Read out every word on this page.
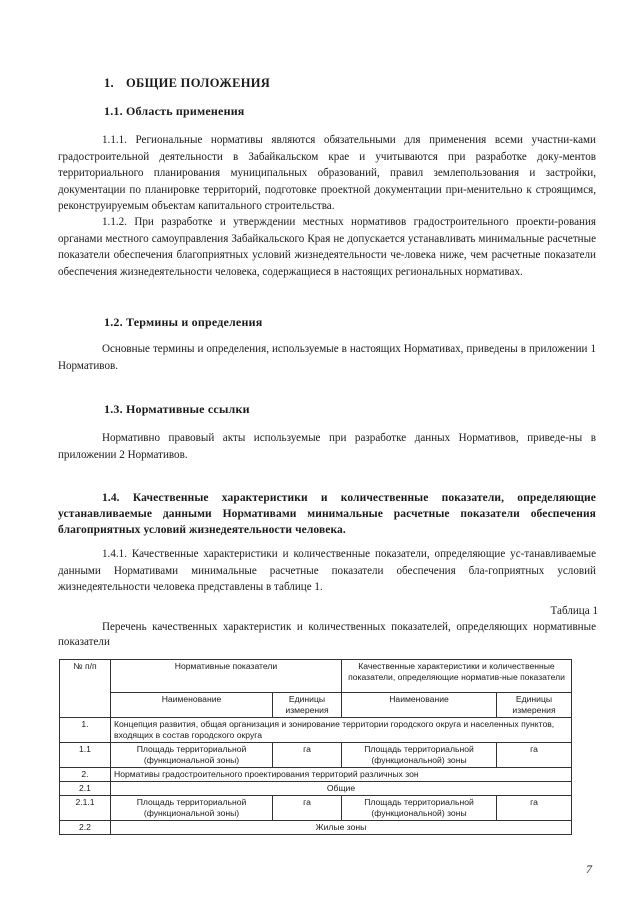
1. ОБЩИЕ ПОЛОЖЕНИЯ
1.1. Область применения
1.1.1. Региональные нормативы являются обязательными для применения всеми участни-ками градостроительной деятельности в Забайкальском крае и учитываются при разработке доку-ментов территориального планирования муниципальных образований, правил землепользования и застройки, документации по планировке территорий, подготовке проектной документации при-менительно к строящимся, реконструируемым объектам капитального строительства.
1.1.2. При разработке и утверждении местных нормативов градостроительного проекти-рования органами местного самоуправления Забайкальского Края не допускается устанавливать минимальные расчетные показатели обеспечения благоприятных условий жизнедеятельности че-ловека ниже, чем расчетные показатели обеспечения жизнедеятельности человека, содержащиеся в настоящих региональных нормативах.
1.2. Термины и определения
Основные термины и определения, используемые в настоящих Нормативах, приведены в приложении 1 Нормативов.
1.3. Нормативные ссылки
Нормативно правовый акты используемые при разработке данных Нормативов, приведе-ны в приложении 2 Нормативов.
1.4. Качественные характеристики и количественные показатели, определяющие устанавливаемые данными Нормативами минимальные расчетные показатели обеспечения благоприятных условий жизнедеятельности человека.
1.4.1. Качественные характеристики и количественные показатели, определяющие ус-танавливаемые данными Нормативами минимальные расчетные показатели обеспечения бла-гоприятных условий жизнедеятельности человека представлены в таблице 1.
Таблица 1
Перечень качественных характеристик и количественных показателей, определяющих нормативные показатели
№ п/п	Нормативные показатели		Качественные характеристики и количественные показатели, определяющие норматив-ные показатели	
	Наименование	Единицы измерения	Наименование	Единицы измерения
1.	Концепция развития, общая организация и зонирование территории городского округа и населенных пунктов, входящих в состав городского округа			
1.1	Площадь территориальной (функциональной зоны)	га	Площадь территориальной (функциональной) зоны	га
2.	Нормативы градостроительного проектирования территорий различных зон			
2.1	Общие			
2.1.1	Площадь территориальной (функциональной зоны)	га	Площадь территориальной (функциональной) зоны	га
2.2	Жилые зоны			
7
